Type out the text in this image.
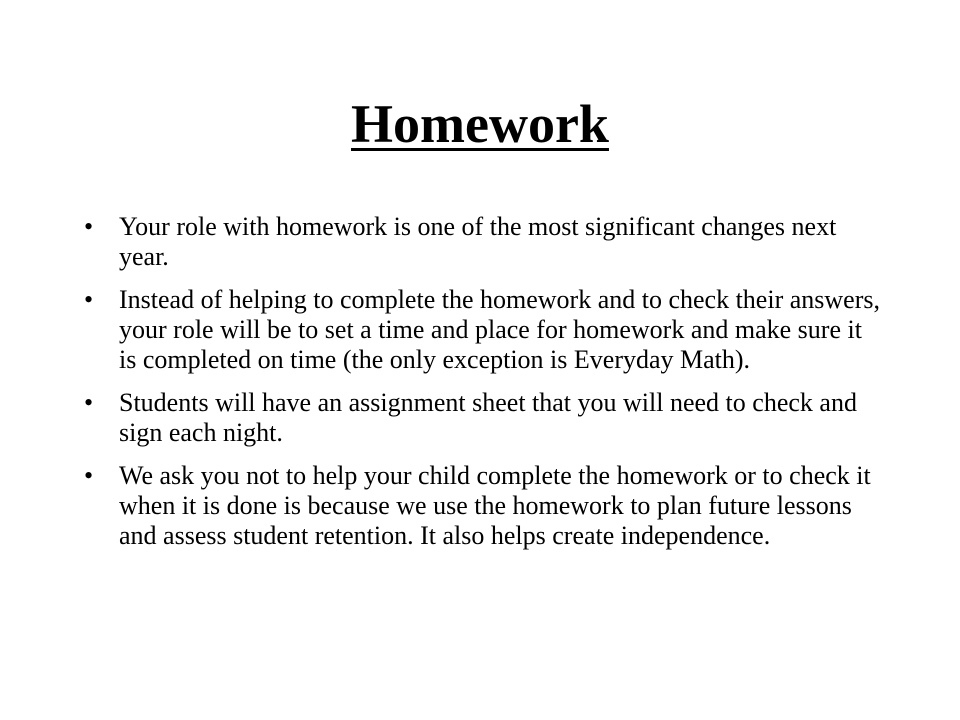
Homework
• Your role with homework is one of the most significant changes next year.
• Instead of helping to complete the homework and to check their answers, your role will be to set a time and place for homework and make sure it is completed on time (the only exception is Everyday Math).
• Students will have an assignment sheet that you will need to check and sign each night.
• We ask you not to help your child complete the homework or to check it when it is done is because we use the homework to plan future lessons and assess student retention. It also helps create independence.
